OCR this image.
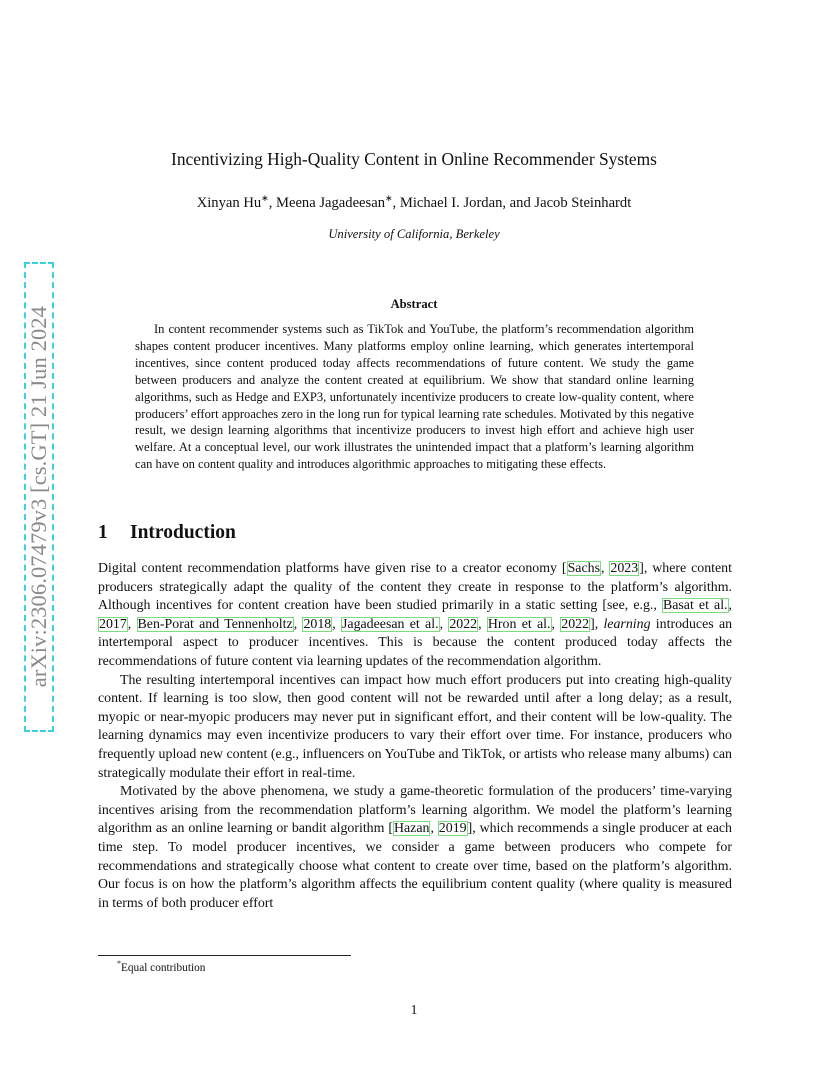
arXiv:2306.07479v3 [cs.GT] 21 Jun 2024
Incentivizing High-Quality Content in Online Recommender Systems
Xinyan Hu∗, Meena Jagadeesan∗, Michael I. Jordan, and Jacob Steinhardt
University of California, Berkeley
Abstract
In content recommender systems such as TikTok and YouTube, the platform’s recommendation algorithm shapes content producer incentives. Many platforms employ online learning, which generates intertemporal incentives, since content produced today affects recommendations of future content. We study the game between producers and analyze the content created at equilibrium. We show that standard online learning algorithms, such as Hedge and EXP3, unfortunately incentivize producers to create low-quality content, where producers’ effort approaches zero in the long run for typical learning rate schedules. Motivated by this negative result, we design learning algorithms that incentivize producers to invest high effort and achieve high user welfare. At a conceptual level, our work illustrates the unintended impact that a platform’s learning algorithm can have on content quality and introduces algorithmic approaches to mitigating these effects.
1 Introduction

Digital content recommendation platforms have given rise to a creator economy [Sachs, 2023], where content producers strategically adapt the quality of the content they create in response to the platform’s algorithm. Although incentives for content creation have been studied primarily in a static setting [see, e.g., Basat et al., 2017, Ben-Porat and Tennenholtz, 2018, Jagadeesan et al., 2022, Hron et al., 2022], learning introduces an intertemporal aspect to producer incentives. This is because the content produced today affects the recommendations of future content via learning updates of the recommendation algorithm.

The resulting intertemporal incentives can impact how much effort producers put into creating high-quality content. If learning is too slow, then good content will not be rewarded until after a long delay; as a result, myopic or near-myopic producers may never put in significant effort, and their content will be low-quality. The learning dynamics may even incentivize producers to vary their effort over time. For instance, producers who frequently upload new content (e.g., influencers on YouTube and TikTok, or artists who release many albums) can strategically modulate their effort in real-time.

Motivated by the above phenomena, we study a game-theoretic formulation of the producers’ time-varying incentives arising from the recommendation platform’s learning algorithm. We model the platform’s learning algorithm as an online learning or bandit algorithm [Hazan, 2019], which recommends a single producer at each time step. To model producer incentives, we consider a game between producers who compete for recommendations and strategically choose what content to create over time, based on the platform’s algorithm. Our focus is on how the platform’s algorithm affects the equilibrium content quality (where quality is measured in terms of both producer effort

*Equal contribution
1
